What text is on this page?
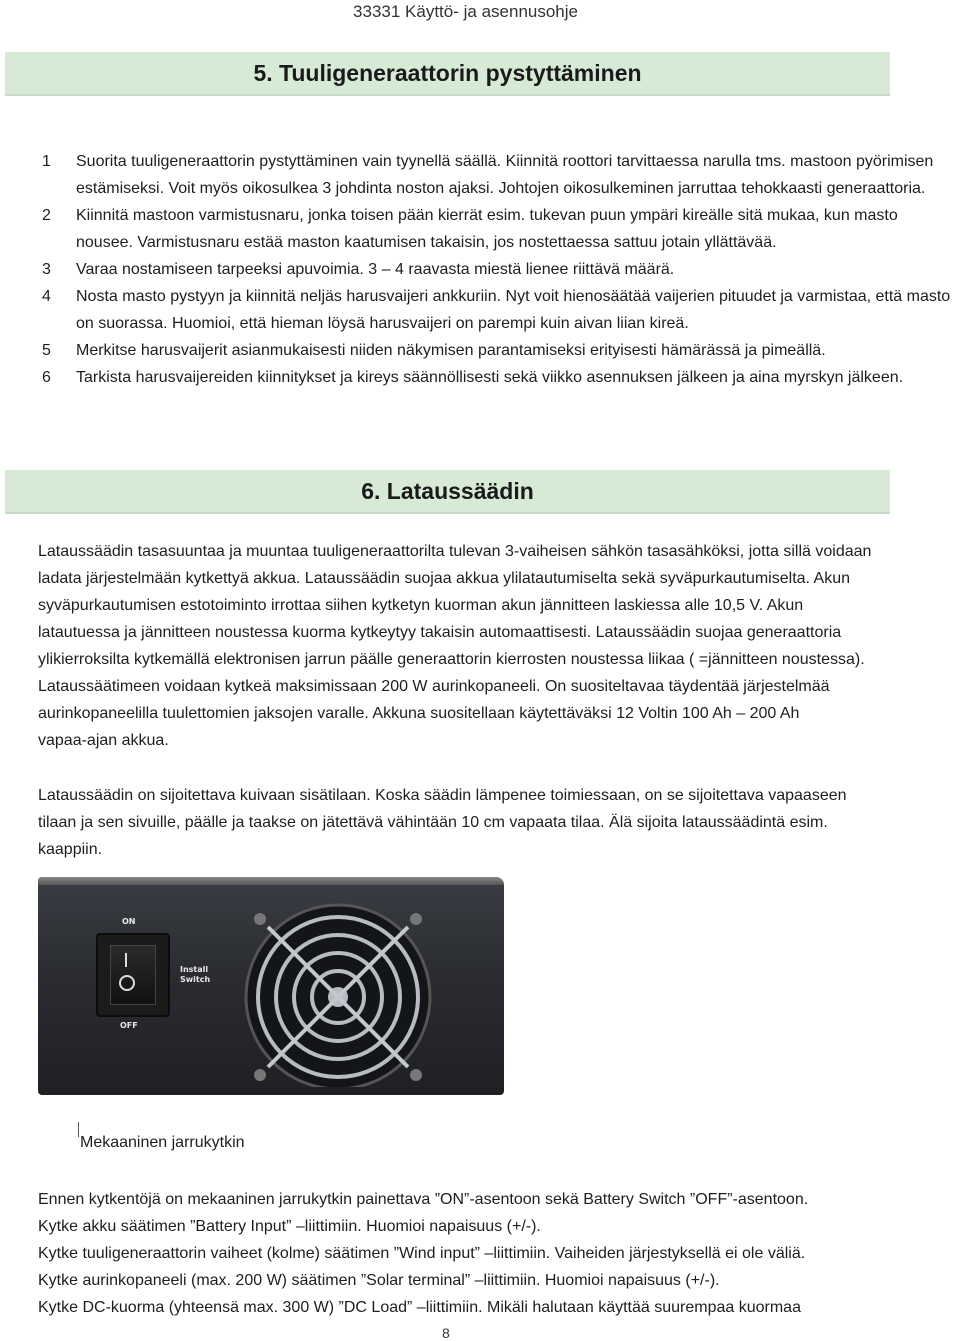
33331 Käyttö- ja asennusohje
5. Tuuligeneraattorin pystyttäminen
1 Suorita tuuligeneraattorin pystyttäminen vain tyynellä säällä. Kiinnitä roottori tarvittaessa narulla tms. mastoon pyörimisen estämiseksi. Voit myös oikosulkea 3 johdinta noston ajaksi. Johtojen oikosulkeminen jarruttaa tehokkaasti generaattoria.
2 Kiinnitä mastoon varmistusnaru, jonka toisen pään kierrät esim. tukevan puun ympäri kireälle sitä mukaa, kun masto nousee. Varmistusnaru estää maston kaatumisen takaisin, jos nostettaessa sattuu jotain yllättävää.
3 Varaa nostamiseen tarpeeksi apuvoimia. 3 – 4 raavasta miestä lienee riittävä määrä.
4 Nosta masto pystyyn ja kiinnitä neljäs harusvaijeri ankkuriin. Nyt voit hienosäätää vaijerien pituudet ja varmistaa, että masto on suorassa. Huomioi, että hieman löysä harusvaijeri on parempi kuin aivan liian kireä.
5 Merkitse harusvaijerit asianmukaisesti niiden näkymisen parantamiseksi erityisesti hämärässä ja pimeällä.
6 Tarkista harusvaijereiden kiinnitykset ja kireys säännöllisesti sekä viikko asennuksen jälkeen ja aina myrskyn jälkeen.
6. Lataussäädin
Lataussäädin tasasuuntaa ja muuntaa tuuligeneraattorilta tulevan 3-vaiheisen sähkön tasasähköksi, jotta sillä voidaan
ladata järjestelmään kytkettyä akkua. Lataussäädin suojaa akkua ylilatautumiselta sekä syväpurkautumiselta. Akun
syväpurkautumisen estotoiminto irrottaa siihen kytketyn kuorman akun jännitteen laskiessa alle 10,5 V. Akun
latautuessa ja jännitteen noustessa kuorma kytkeytyy takaisin automaattisesti. Lataussäädin suojaa generaattoria
ylikierroksilta kytkemällä elektronisen jarrun päälle generaattorin kierrosten noustessa liikaa ( =jännitteen noustessa).
Lataussäätimeen voidaan kytkeä maksimissaan 200 W aurinkopaneeli. On suositeltavaa täydentää järjestelmää
aurinkopaneelilla tuulettomien jaksojen varalle. Akkuna suositellaan käytettäväksi 12 Voltin 100 Ah – 200 Ah
vapaa-ajan akkua.
Lataussäädin on sijoitettava kuivaan sisätilaan. Koska säädin lämpenee toimiessaan, on se sijoitettava vapaaseen
tilaan ja sen sivuille, päälle ja taakse on jätettävä vähintään 10 cm vapaata tilaa. Älä sijoita lataussäädintä esim.
kaappiin.
ON
OFF
Install
Switch
Mekaaninen jarrukytkin
Ennen kytkentöjä on mekaaninen jarrukytkin painettava ”ON”-asentoon sekä Battery Switch ”OFF”-asentoon.
Kytke akku säätimen ”Battery Input” –liittimiin. Huomioi napaisuus (+/-).
Kytke tuuligeneraattorin vaiheet (kolme) säätimen ”Wind input” –liittimiin. Vaiheiden järjestyksellä ei ole väliä.
Kytke aurinkopaneeli (max. 200 W) säätimen ”Solar terminal” –liittimiin. Huomioi napaisuus (+/-).
Kytke DC-kuorma (yhteensä max. 300 W) ”DC Load” –liittimiin. Mikäli halutaan käyttää suurempaa kuormaa
8
